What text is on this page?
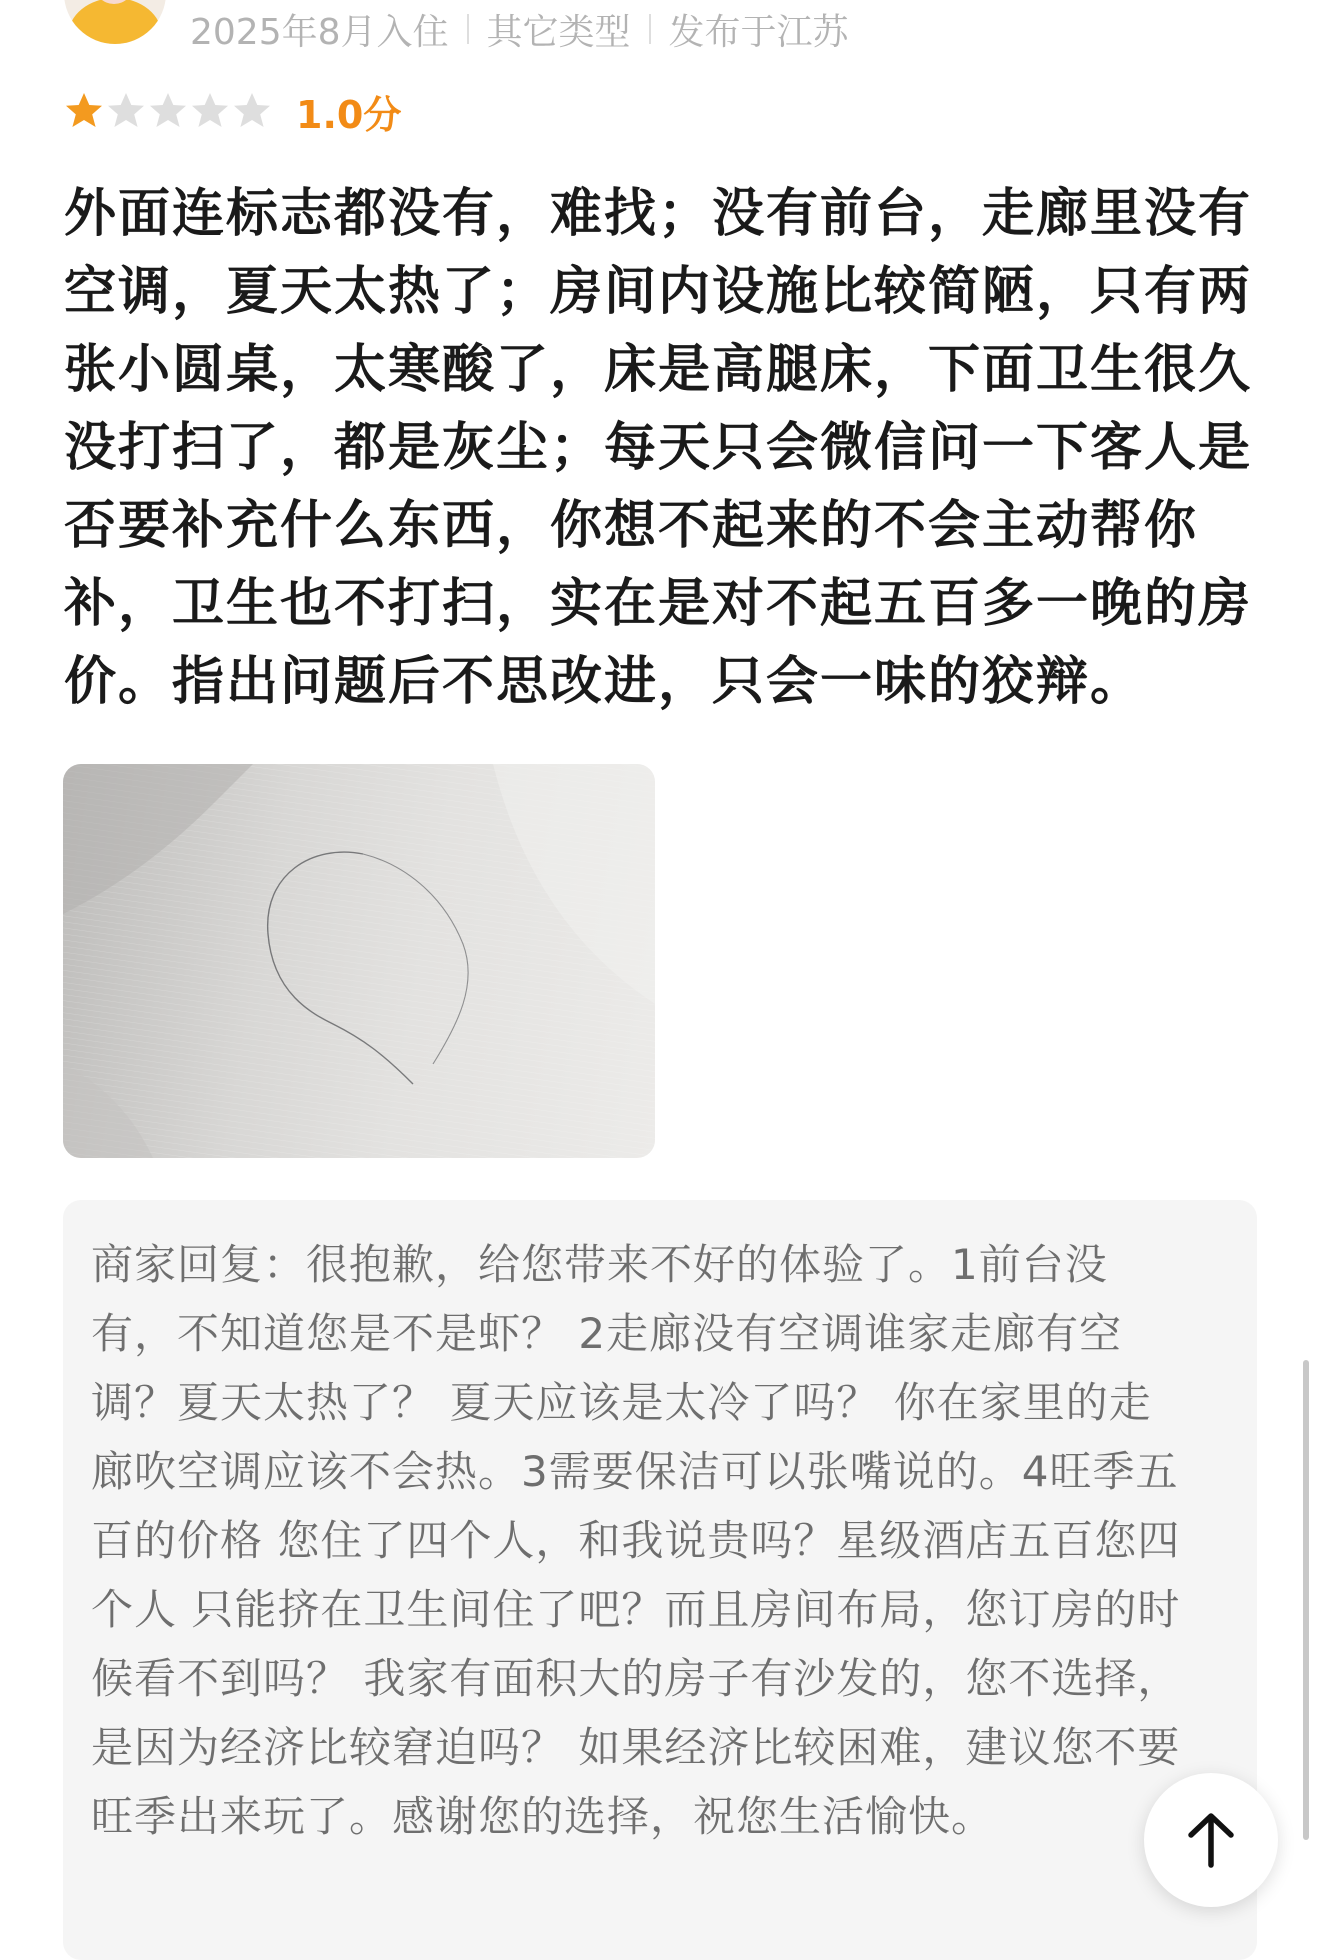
2025年8月入住 其它类型 发布于江苏
1.0分

外面连标志都没有，难找；没有前台，走廊里没有空调，夏天太热了；房间内设施比较简陋，只有两张小圆桌，太寒酸了，床是高腿床，下面卫生很久没打扫了，都是灰尘；每天只会微信问一下客人是否要补充什么东西，你想不起来的不会主动帮你补，卫生也不打扫，实在是对不起五百多一晚的房价。指出问题后不思改进，只会一味的狡辩。

商家回复：很抱歉，给您带来不好的体验了。1前台没有，不知道您是不是虾？ 2走廊没有空调谁家走廊有空调？夏天太热了？ 夏天应该是太冷了吗？ 你在家里的走廊吹空调应该不会热。3需要保洁可以张嘴说的。4旺季五百的价格 您住了四个人，和我说贵吗？星级酒店五百您四个人 只能挤在卫生间住了吧？而且房间布局，您订房的时候看不到吗？ 我家有面积大的房子有沙发的，您不选择，是因为经济比较窘迫吗？ 如果经济比较困难，建议您不要旺季出来玩了。感谢您的选择，祝您生活愉快。
